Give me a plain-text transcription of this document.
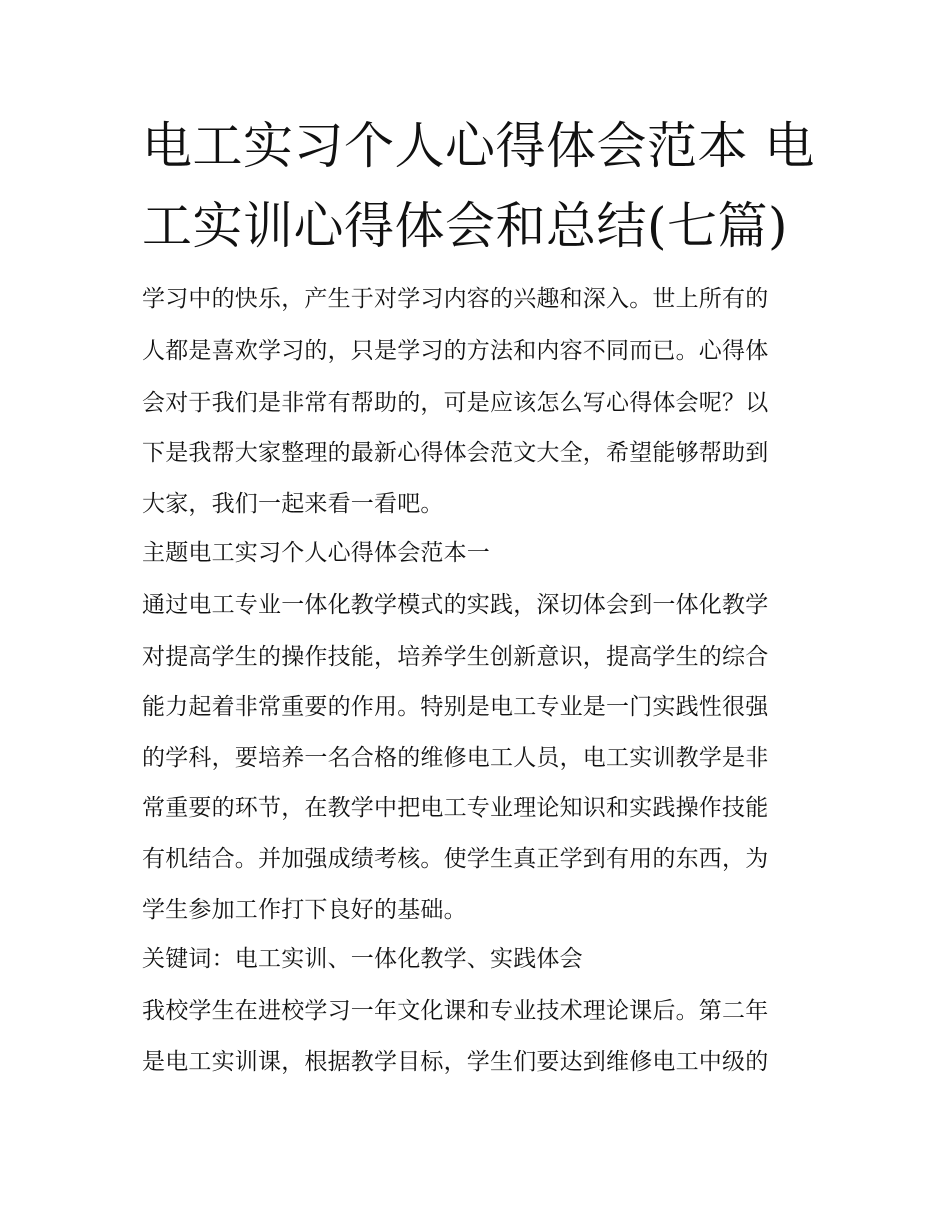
电工实习个人心得体会范本 电
工实训心得体会和总结(七篇)
学习中的快乐，产生于对学习内容的兴趣和深入。世上所有的
人都是喜欢学习的，只是学习的方法和内容不同而已。心得体
会对于我们是非常有帮助的，可是应该怎么写心得体会呢？以
下是我帮大家整理的最新心得体会范文大全，希望能够帮助到
大家，我们一起来看一看吧。
主题电工实习个人心得体会范本一
通过电工专业一体化教学模式的实践，深切体会到一体化教学
对提高学生的操作技能，培养学生创新意识，提高学生的综合
能力起着非常重要的作用。特别是电工专业是一门实践性很强
的学科，要培养一名合格的维修电工人员，电工实训教学是非
常重要的环节，在教学中把电工专业理论知识和实践操作技能
有机结合。并加强成绩考核。使学生真正学到有用的东西，为
学生参加工作打下良好的基础。
关键词：电工实训、一体化教学、实践体会
我校学生在进校学习一年文化课和专业技术理论课后。第二年
是电工实训课，根据教学目标，学生们要达到维修电工中级的
